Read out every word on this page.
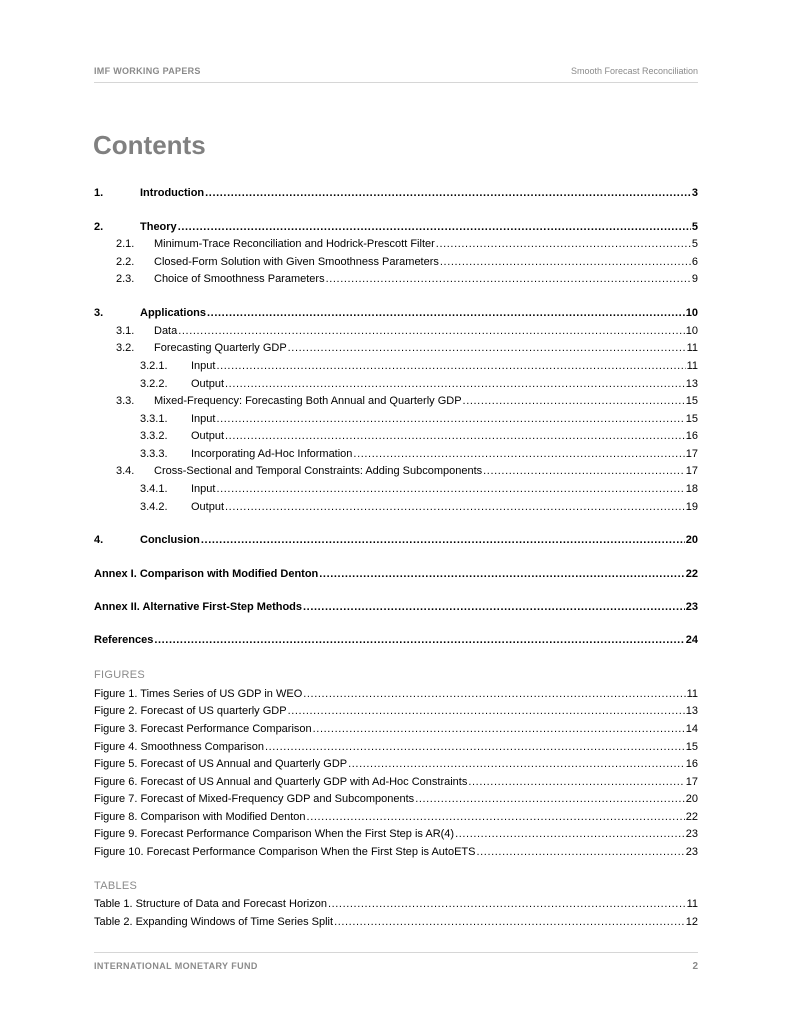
IMF WORKING PAPERS	Smooth Forecast Reconciliation
Contents
1.	Introduction .....	3
2.	Theory .....	5
2.1.	Minimum-Trace Reconciliation and Hodrick-Prescott Filter .....	5
2.2.	Closed-Form Solution with Given Smoothness Parameters .....	6
2.3.	Choice of Smoothness Parameters .....	9
3.	Applications .....	10
3.1.	Data .....	10
3.2.	Forecasting Quarterly GDP .....	11
3.2.1.	Input .....	11
3.2.2.	Output .....	13
3.3.	Mixed-Frequency: Forecasting Both Annual and Quarterly GDP .....	15
3.3.1.	Input .....	15
3.3.2.	Output .....	16
3.3.3.	Incorporating Ad-Hoc Information .....	17
3.4.	Cross-Sectional and Temporal Constraints: Adding Subcomponents .....	17
3.4.1.	Input .....	18
3.4.2.	Output .....	19
4.	Conclusion .....	20
Annex I. Comparison with Modified Denton .....	22
Annex II. Alternative First-Step Methods .....	23
References .....	24
Figure 1. Times Series of US GDP in WEO .....	11
Figure 2. Forecast of US quarterly GDP .....	13
Figure 3. Forecast Performance Comparison .....	14
Figure 4. Smoothness Comparison .....	15
Figure 5. Forecast of US Annual and Quarterly GDP .....	16
Figure 6. Forecast of US Annual and Quarterly GDP with Ad-Hoc Constraints .....	17
Figure 7. Forecast of Mixed-Frequency GDP and Subcomponents .....	20
Figure 8. Comparison with Modified Denton .....	22
Figure 9. Forecast Performance Comparison When the First Step is AR(4) .....	23
Figure 10. Forecast Performance Comparison When the First Step is AutoETS .....	23
Table 1. Structure of Data and Forecast Horizon .....	11
Table 2. Expanding Windows of Time Series Split .....	12
FIGURES
TABLES
INTERNATIONAL MONETARY FUND	2
